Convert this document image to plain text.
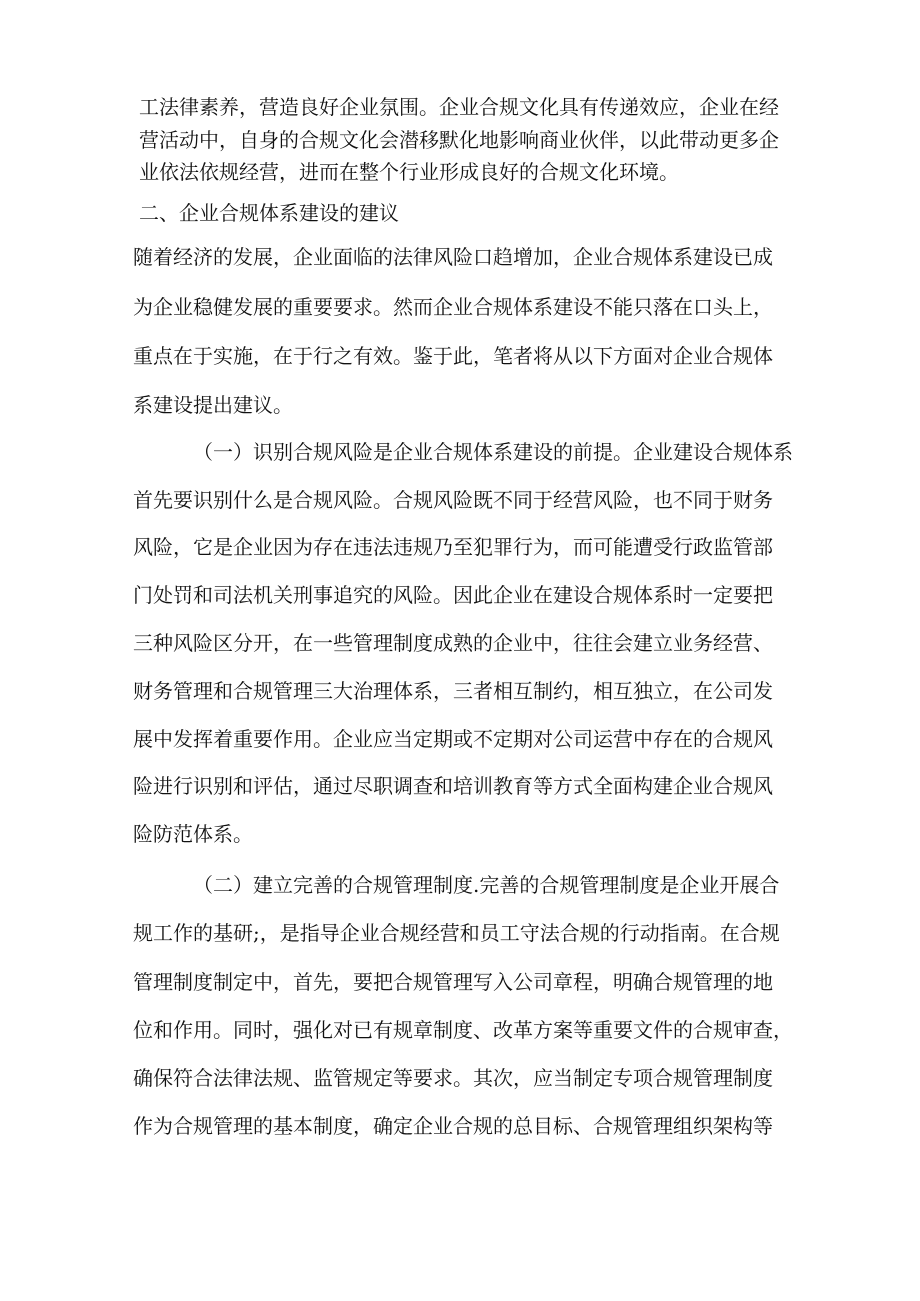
工法律素养，营造良好企业氛围。企业合规文化具有传递效应，企业在经
营活动中，自身的合规文化会潜移默化地影响商业伙伴，以此带动更多企
业依法依规经营，进而在整个行业形成良好的合规文化环境。
二、企业合规体系建设的建议
随着经济的发展，企业面临的法律风险口趋增加，企业合规体系建设已成
为企业稳健发展的重要要求。然而企业合规体系建设不能只落在口头上，
重点在于实施，在于行之有效。鉴于此，笔者将从以下方面对企业合规体
系建设提出建议。
（一）识别合规风险是企业合规体系建设的前提。企业建设合规体系
首先要识别什么是合规风险。合规风险既不同于经营风险，也不同于财务
风险，它是企业因为存在违法违规乃至犯罪行为，而可能遭受行政监管部
门处罚和司法机关刑事追究的风险。因此企业在建设合规体系时一定要把
三种风险区分开，在一些管理制度成熟的企业中，往往会建立业务经营、
财务管理和合规管理三大治理体系，三者相互制约，相互独立，在公司发
展中发挥着重要作用。企业应当定期或不定期对公司运营中存在的合规风
险进行识别和评估，通过尽职调查和培训教育等方式全面构建企业合规风
险防范体系。
（二）建立完善的合规管理制度.完善的合规管理制度是企业开展合
规工作的基研;，是指导企业合规经营和员工守法合规的行动指南。在合规
管理制度制定中，首先，要把合规管理写入公司章程，明确合规管理的地
位和作用。同时，强化对已有规章制度、改革方案等重要文件的合规审查，
确保符合法律法规、监管规定等要求。其次，应当制定专项合规管理制度
作为合规管理的基本制度，确定企业合规的总目标、合规管理组织架构等
